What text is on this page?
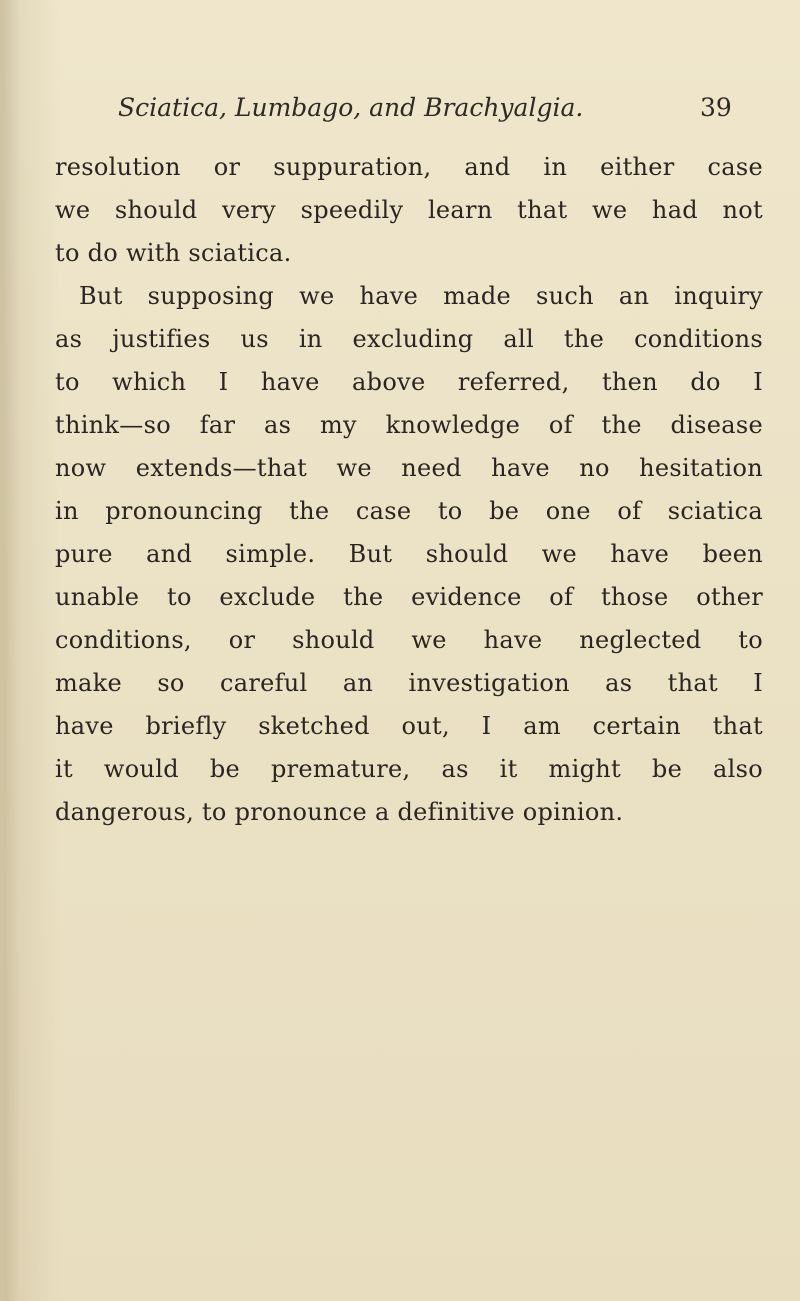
Sciatica, Lumbago, and Brachyalgia.	39
resolution or suppuration, and in either case
we should very speedily learn that we had not
to do with sciatica.
But supposing we have made such an inquiry
as justifies us in excluding all the conditions
to which I have above referred, then do I
think—so far as my knowledge of the disease
now extends—that we need have no hesitation
in pronouncing the case to be one of sciatica
pure and simple. But should we have been
unable to exclude the evidence of those other
conditions, or should we have neglected to
make so careful an investigation as that I
have briefly sketched out, I am certain that
it would be premature, as it might be also
dangerous, to pronounce a definitive opinion.
